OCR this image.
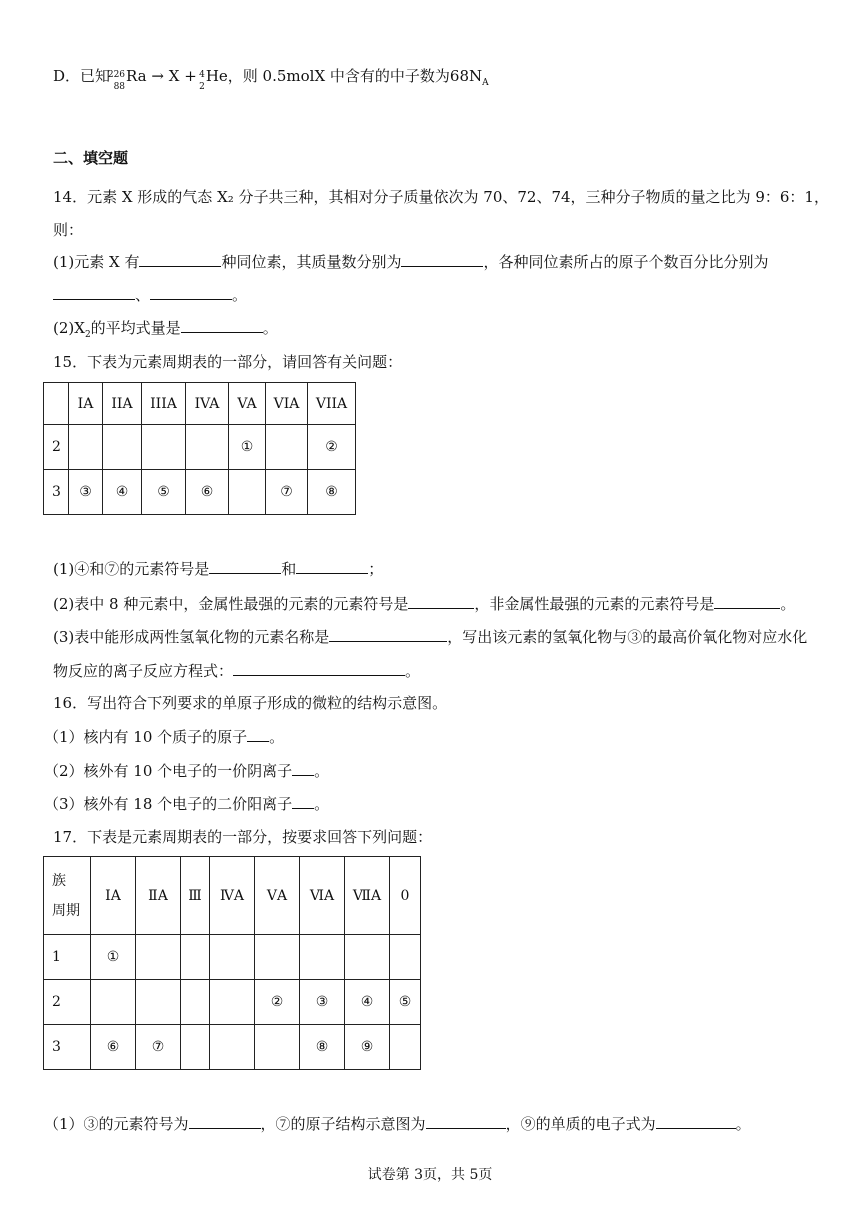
D．已知
226
88
Ra → X + 4
2
He，则 0.5molX 中含有的中子数为$68N_A$
二、填空题
14．元素 X 形成的气态 X₂ 分子共三种，其相对分子质量依次为 70、72、74，三种分子物质的量之比为 9：6：1，
则：
(1)元素 X 有	种同位素，其质量数分别为	，各种同位素所占的原子个数百分比分别为
、	。
$(2)X_2$的平均式量是	。
15．下表为元素周期表的一部分，请回答有关问题：
	IA	IIA	IIIA	IVA	VA	VIA	VIIA
2					①		②
3	③	④	⑤	⑥		⑦	⑧
(1)④和⑦的元素符号是	和	；
(2)表中 8 种元素中，金属性最强的元素的元素符号是	，非金属性最强的元素的元素符号是	。
(3)表中能形成两性氢氧化物的元素名称是	，写出该元素的氢氧化物与③的最高价氧化物对应水化
物反应的离子反应方程式：	。
16．写出符合下列要求的单原子形成的微粒的结构示意图。
（1）核内有 10 个质子的原子 。
（2）核外有 10 个电子的一价阴离子 。
（3）核外有 18 个电子的二价阳离子 。
17．下表是元素周期表的一部分，按要求回答下列问题：
族
周期	ⅠA	ⅡA	Ⅲ	ⅣA	ⅤA	ⅥA	ⅦA	0
1	①							
2					②	③	④	⑤
3	⑥	⑦				⑧	⑨	
（1）③的元素符号为	，⑦的原子结构示意图为	，⑨的单质的电子式为	。
试卷第 3页，共 5页
